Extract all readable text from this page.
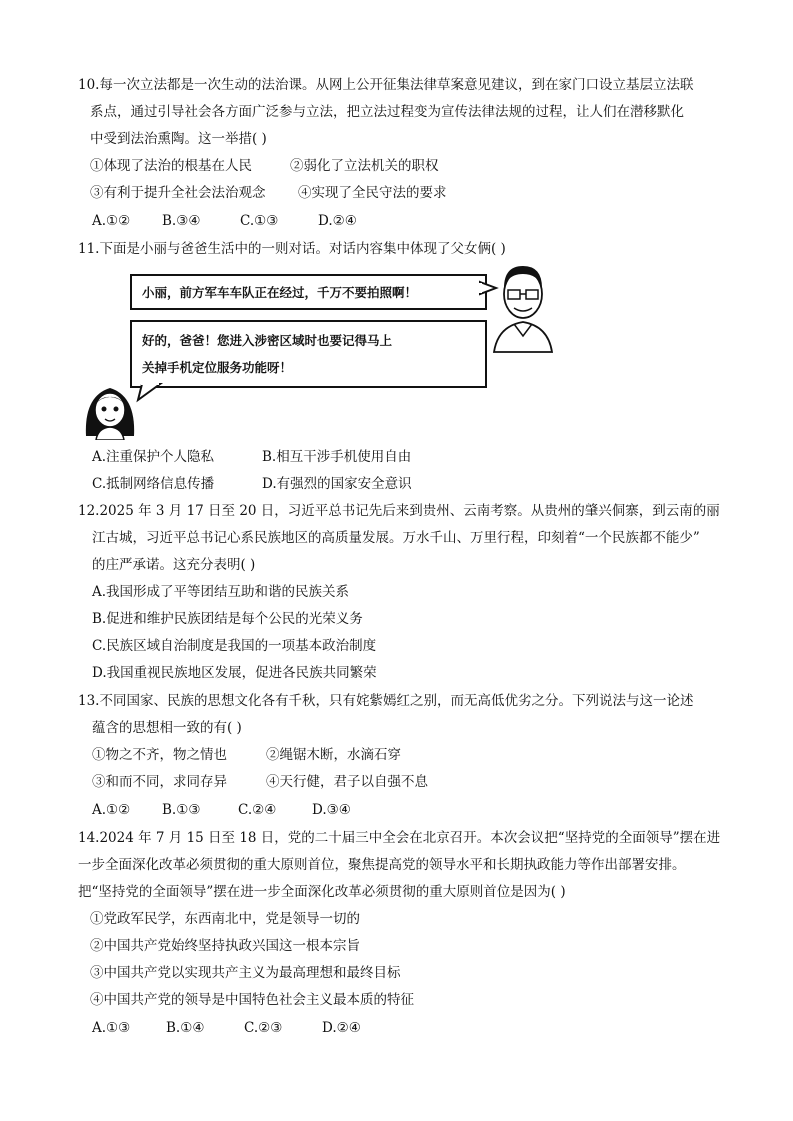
10.每一次立法都是一次生动的法治课。从网上公开征集法律草案意见建议，到在家门口设立基层立法联
系点，通过引导社会各方面广泛参与立法，把立法过程变为宣传法律法规的过程，让人们在潜移默化
中受到法治熏陶。这一举措( )
①体现了法治的根基在人民	②弱化了立法机关的职权
③有利于提升全社会法治观念 ④实现了全民守法的要求
A.①② B.③④	C.①③	D.②④
11.下面是小丽与爸爸生活中的一则对话。对话内容集中体现了父女俩( )
小丽，前方军车车队正在经过，千万不要拍照啊！
好的，爸爸！您进入涉密区域时也要记得马上
关掉手机定位服务功能呀！
A.注重保护个人隐私	B.相互干涉手机使用自由
C.抵制网络信息传播	D.有强烈的国家安全意识
12.2025 年 3 月 17 日至 20 日，习近平总书记先后来到贵州、云南考察。从贵州的肇兴侗寨，到云南的丽
江古城，习近平总书记心系民族地区的高质量发展。万水千山、万里行程，印刻着“一个民族都不能少”
的庄严承诺。这充分表明( )
A.我国形成了平等团结互助和谐的民族关系
B.促进和维护民族团结是每个公民的光荣义务
C.民族区域自治制度是我国的一项基本政治制度
D.我国重视民族地区发展，促进各民族共同繁荣
13.不同国家、民族的思想文化各有千秋，只有姹紫嫣红之别，而无高低优劣之分。下列说法与这一论述
蕴含的思想相一致的有( )
①物之不齐，物之情也	②绳锯木断，水滴石穿
③和而不同，求同存异	④天行健，君子以自强不息
A.①② B.①③	C.②④	D.③④
14.2024 年 7 月 15 日至 18 日，党的二十届三中全会在北京召开。本次会议把“坚持党的全面领导”摆在进
一步全面深化改革必须贯彻的重大原则首位，聚焦提高党的领导水平和长期执政能力等作出部署安排。
把“坚持党的全面领导”摆在进一步全面深化改革必须贯彻的重大原则首位是因为( )
①党政军民学，东西南北中，党是领导一切的
②中国共产党始终坚持执政兴国这一根本宗旨
③中国共产党以实现共产主义为最高理想和最终目标
④中国共产党的领导是中国特色社会主义最本质的特征
A.①③	B.①④	C.②③	D.②④
